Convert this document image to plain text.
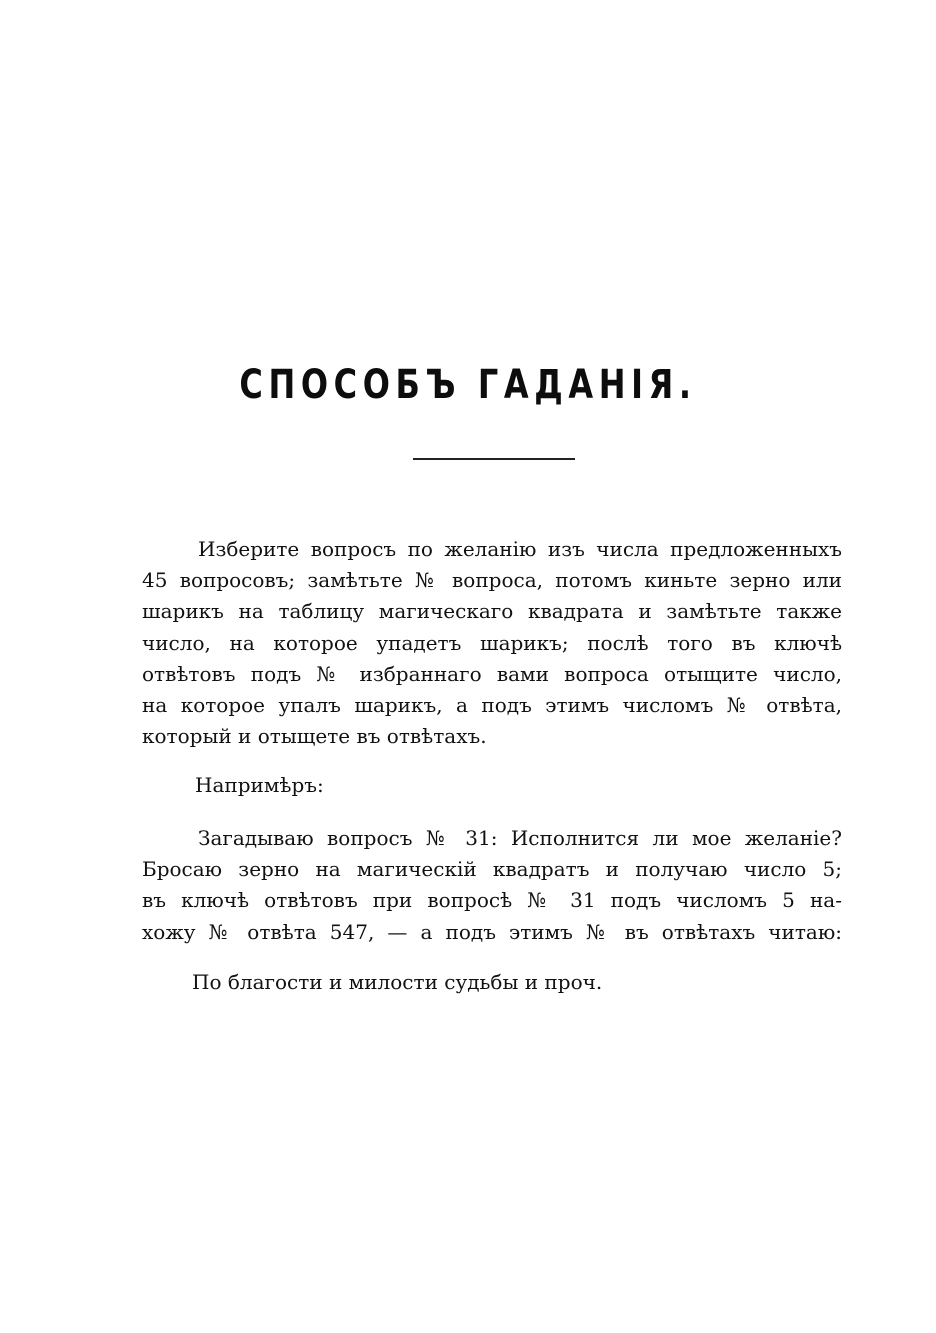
СПОСОБЪ ГАДАНІЯ.
Изберите вопросъ по желанію изъ числа предложенныхъ
45 вопросовъ; замѣтьте № вопроса, потомъ киньте зерно или
шарикъ на таблицу магическаго квадрата и замѣтьте также
число, на которое упадетъ шарикъ; послѣ того въ ключѣ
отвѣтовъ подъ № избраннаго вами вопроса отыщите число,
на которое упалъ шарикъ, а подъ этимъ числомъ № отвѣта,
который и отыщете въ отвѣтахъ.
Напримѣръ:
Загадываю вопросъ № 31: Исполнится ли мое желаніе?
Бросаю зерно на магическій квадратъ и получаю число 5;
въ ключѣ отвѣтовъ при вопросѣ № 31 подъ числомъ 5 на-
хожу № отвѣта 547, — а подъ этимъ № въ отвѣтахъ читаю:
По благости и милости судьбы и проч.
